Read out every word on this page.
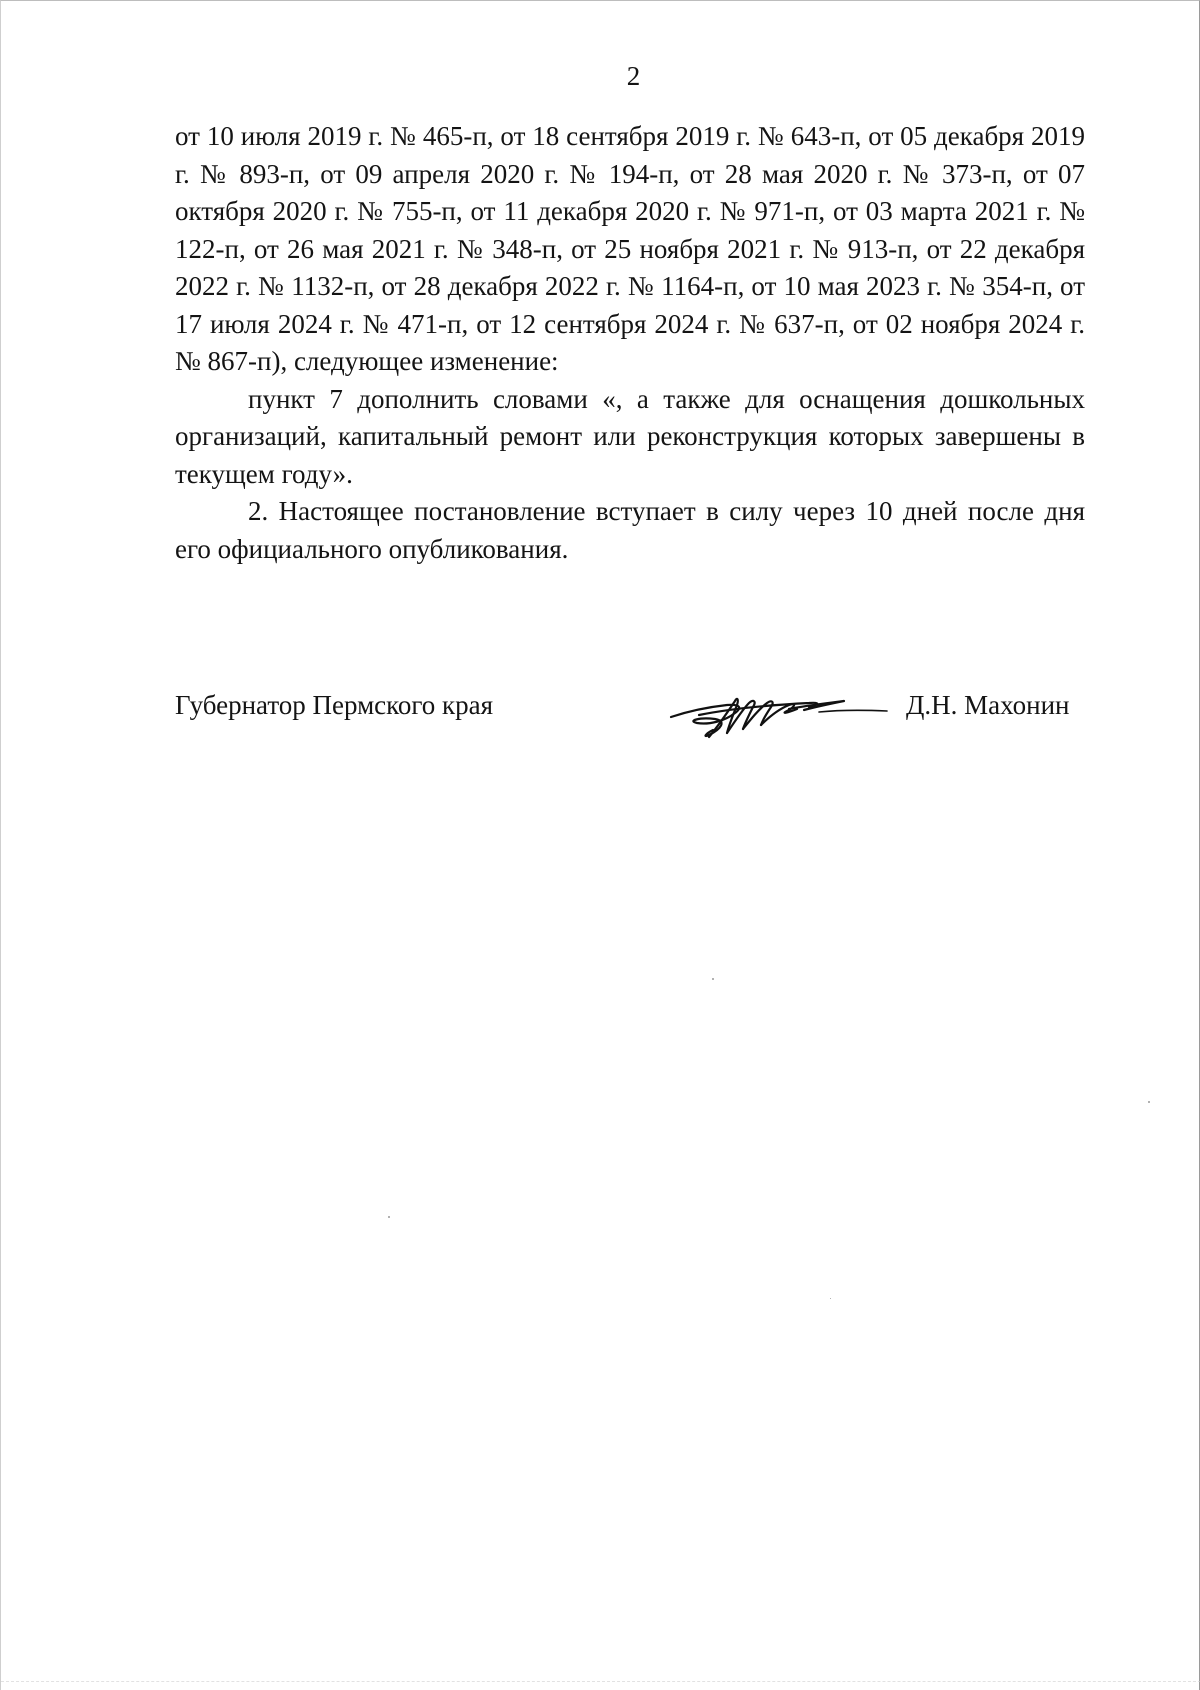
2

от 10 июля 2019 г. № 465-п, от 18 сентября 2019 г. № 643-п, от 05 декабря 2019 г. № 893-п, от 09 апреля 2020 г. № 194-п, от 28 мая 2020 г. № 373-п, от 07 октября 2020 г. № 755-п, от 11 декабря 2020 г. № 971-п, от 03 марта 2021 г. № 122-п, от 26 мая 2021 г. № 348-п, от 25 ноября 2021 г. № 913-п, от 22 декабря 2022 г. № 1132-п, от 28 декабря 2022 г. № 1164-п, от 10 мая 2023 г. № 354-п, от 17 июля 2024 г. № 471-п, от 12 сентября 2024 г. № 637-п, от 02 ноября 2024 г. № 867-п), следующее изменение:

пункт 7 дополнить словами «, а также для оснащения дошкольных организаций, капитальный ремонт или реконструкция которых завершены в текущем году».

2. Настоящее постановление вступает в силу через 10 дней после дня его официального опубликования.

Губернатор Пермского края	Д.Н. Махонин
